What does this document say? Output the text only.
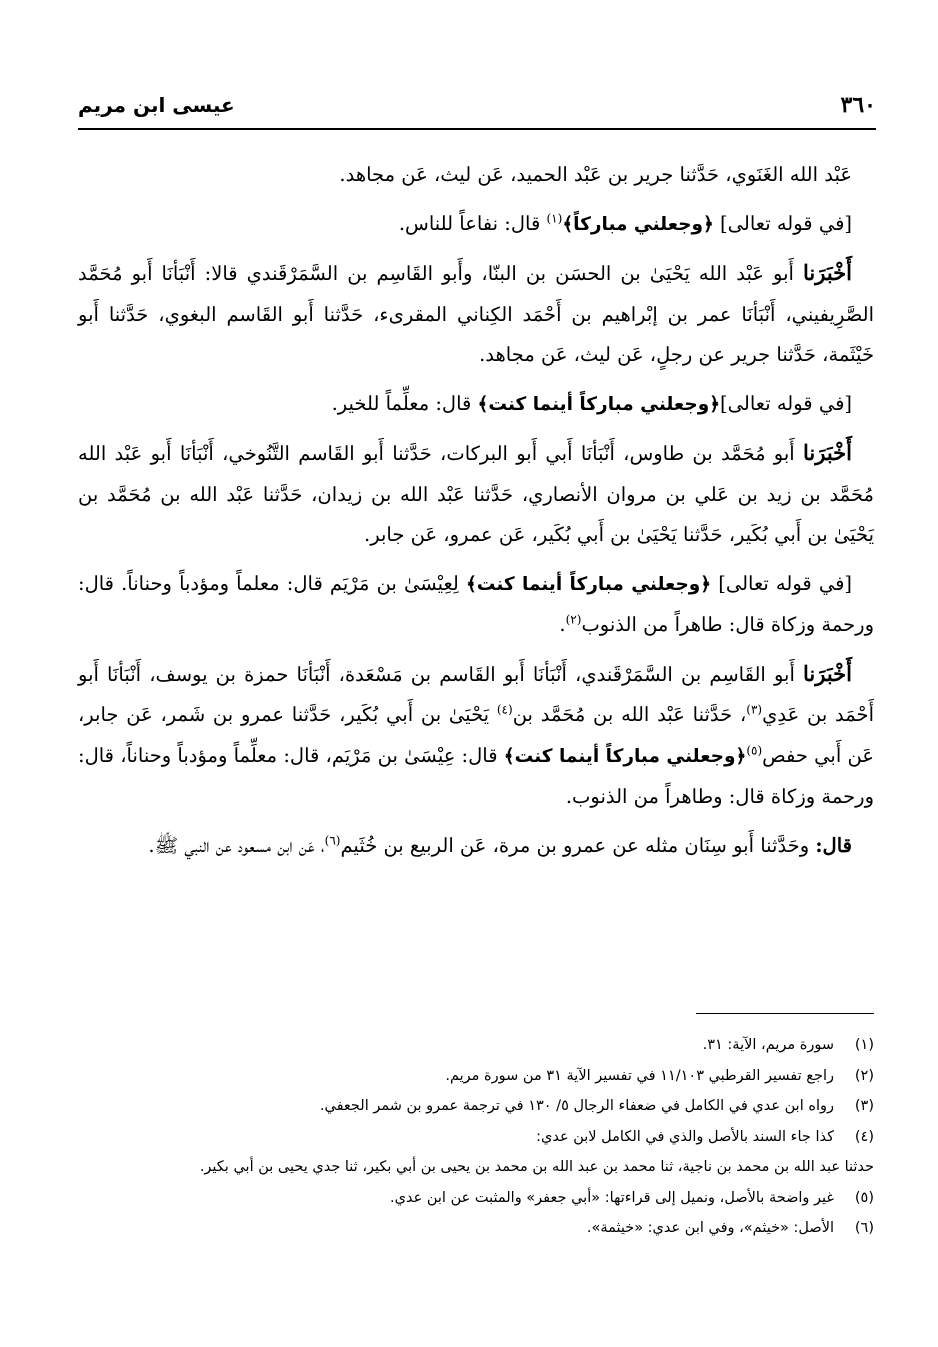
٣٦٠
عيسى ابن مريم

عَبْد الله الغَنَوي، حَدَّثنا جرير بن عَبْد الحميد، عَن ليث، عَن مجاهد.

[في قوله تعالى] ﴿وجعلني مباركاً﴾$^{(١)}$ قال: نفاعاً للناس.

أَخْبَرَنا أَبو عَبْد الله يَحْيَىٰ بن الحسَن بن البنّا، وأَبو القَاسِم بن السَّمَرْقَندي قالا: أَنْبَأنَا أَبو مُحَمَّد الصَّرِيفيني، أَنْبَأنَا عمر بن إبْراهيم بن أَحْمَد الكِناني المقرىء، حَدَّثنا أَبو القَاسم البغوي، حَدَّثنا أَبو خَيْثَمة، حَدَّثنا جرير عن رجلٍ، عَن ليث، عَن مجاهد.

[في قوله تعالى]﴿وجعلني مباركاً أينما كنت﴾ قال: معلِّماً للخير.

أَخْبَرَنا أَبو مُحَمَّد بن طاوس، أَنْبَأنَا أَبي أَبو البركات، حَدَّثنا أَبو القَاسم التَّنُوخي، أَنْبَأنَا أَبو عَبْد الله مُحَمَّد بن زيد بن عَلي بن مروان الأنصاري، حَدَّثنا عَبْد الله بن زيدان، حَدَّثنا عَبْد الله بن مُحَمَّد بن يَحْيَىٰ بن أَبي بُكَير، حَدَّثنا يَحْيَىٰ بن أَبي بُكَير، عَن عمرو، عَن جابر.

[في قوله تعالى] ﴿وجعلني مباركاً أينما كنت﴾ لِعِيْسَىٰ بن مَرْيَم قال: معلماً ومؤدباً وحناناً. قال: ورحمة وزكاة قال: طاهراً من الذنوب$^{(٢)}$.

أَخْبَرَنا أَبو القَاسِم بن السَّمَرْقَندي، أَنْبَأنَا أَبو القَاسم بن مَسْعَدة، أَنْبَأنَا حمزة بن يوسف، أَنْبَأنَا أَبو أَحْمَد بن عَدِي$^{(٣)}$، حَدَّثنا عَبْد الله بن مُحَمَّد بن$^{(٤)}$ يَحْيَىٰ بن أَبي بُكَير، حَدَّثنا عمرو بن شَمر، عَن جابر، عَن أَبي حفص$^{(٥)}$﴿وجعلني مباركاً أينما كنت﴾ قال: عِيْسَىٰ بن مَرْيَم، قال: معلِّماً ومؤدباً وحناناً، قال: ورحمة وزكاة قال: وطاهراً من الذنوب.

قال: وحَدَّثنا أَبو سِنَان مثله عن عمرو بن مرة، عَن الربيع بن خُثَيم$^{(٦)}$، عَن ابن مسعود عن النبي ﷺ.

(١)
سورة مريم، الآية: ٣١.
(٢)
راجع تفسير القرطبي ١١/١٠٣ في تفسير الآية ٣١ من سورة مريم.
(٣)
رواه ابن عدي في الكامل في ضعفاء الرجال ٥/ ١٣٠ في ترجمة عمرو بن شمر الجعفي.
(٤)
كذا جاء السند بالأصل والذي في الكامل لابن عدي:
حدثنا عبد الله بن محمد بن ناجية، ثنا محمد بن عبد الله بن محمد بن يحيى بن أبي بكير، ثنا جدي يحيى بن أبي بكير.
(٥)
غير واضحة بالأصل، ونميل إلى قراءتها: «أبي جعفر» والمثبت عن ابن عدي.
(٦)
الأصل: «خيثم»، وفي ابن عدي: «خيثمة».
